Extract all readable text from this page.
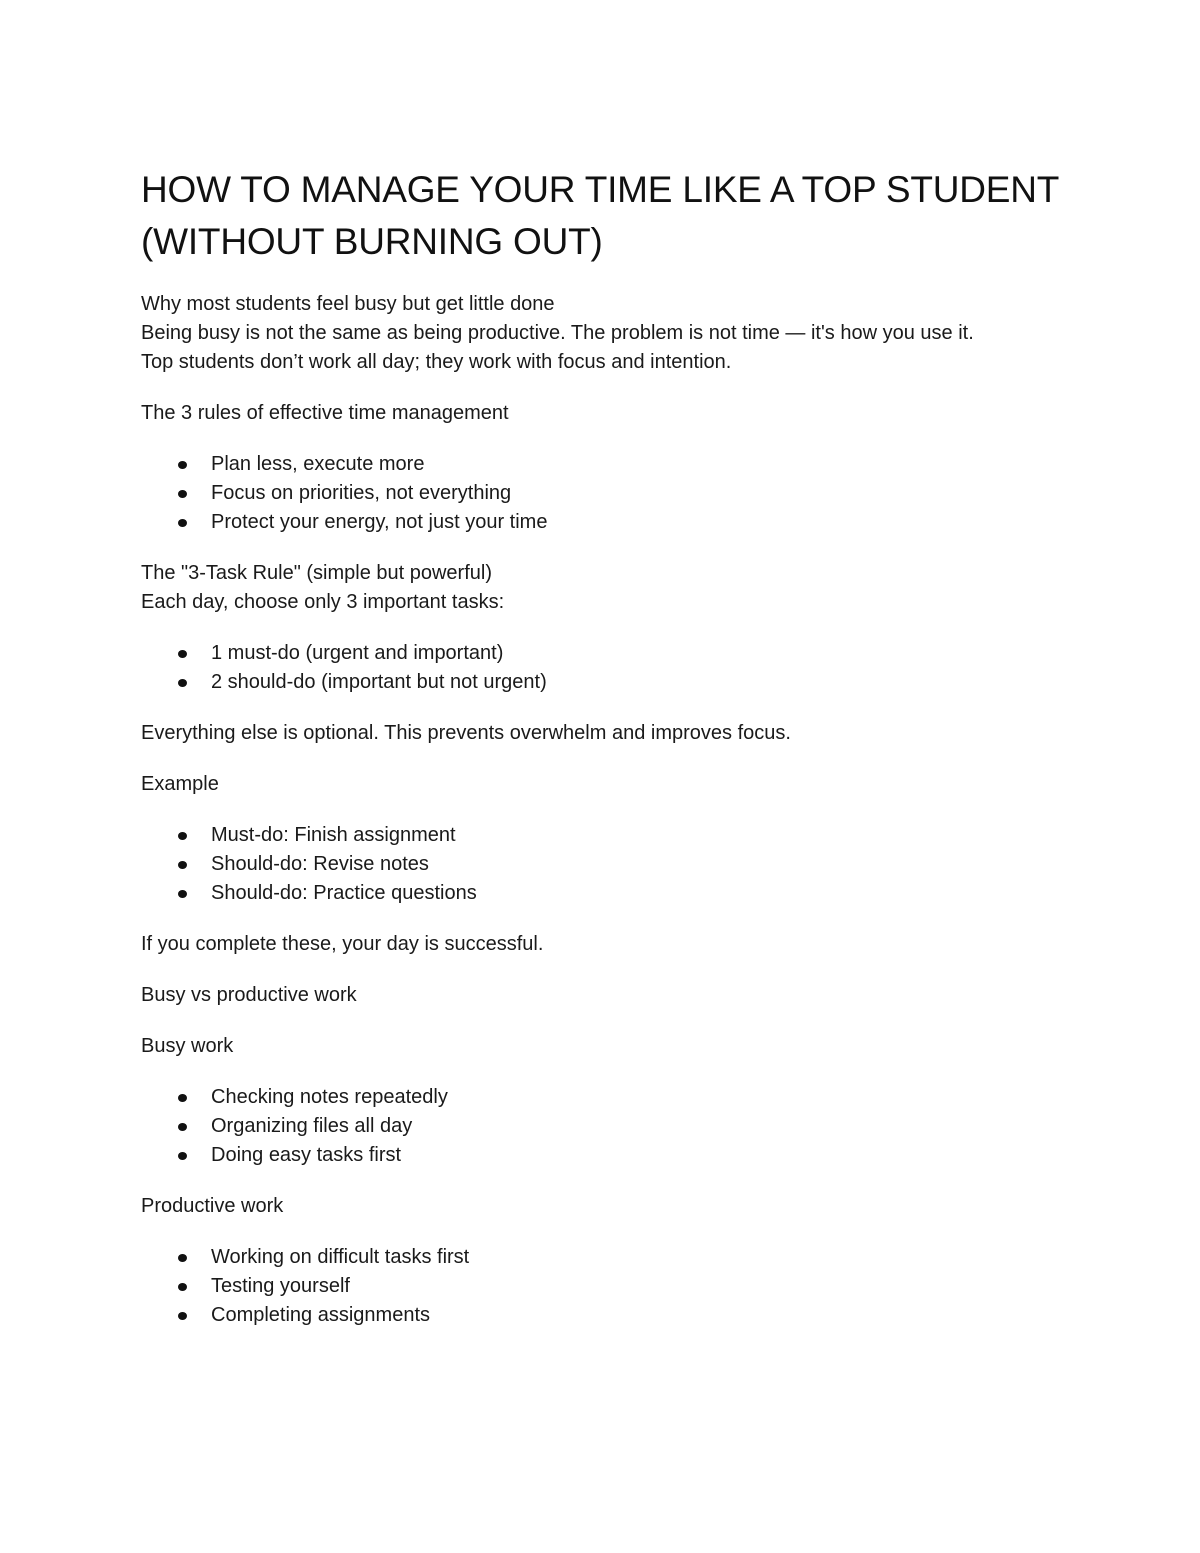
HOW TO MANAGE YOUR TIME LIKE A TOP STUDENT (WITHOUT BURNING OUT)

Why most students feel busy but get little done

Being busy is not the same as being productive. The problem is not time — it's how you use it.

Top students don’t work all day; they work with focus and intention.

The 3 rules of effective time management

Plan less, execute more
Focus on priorities, not everything
Protect your energy, not just your time

The "3-Task Rule" (simple but powerful)

Each day, choose only 3 important tasks:

1 must-do (urgent and important)
2 should-do (important but not urgent)

Everything else is optional. This prevents overwhelm and improves focus.

Example

Must-do: Finish assignment
Should-do: Revise notes
Should-do: Practice questions

If you complete these, your day is successful.

Busy vs productive work

Busy work

Checking notes repeatedly
Organizing files all day
Doing easy tasks first

Productive work

Working on difficult tasks first
Testing yourself
Completing assignments
